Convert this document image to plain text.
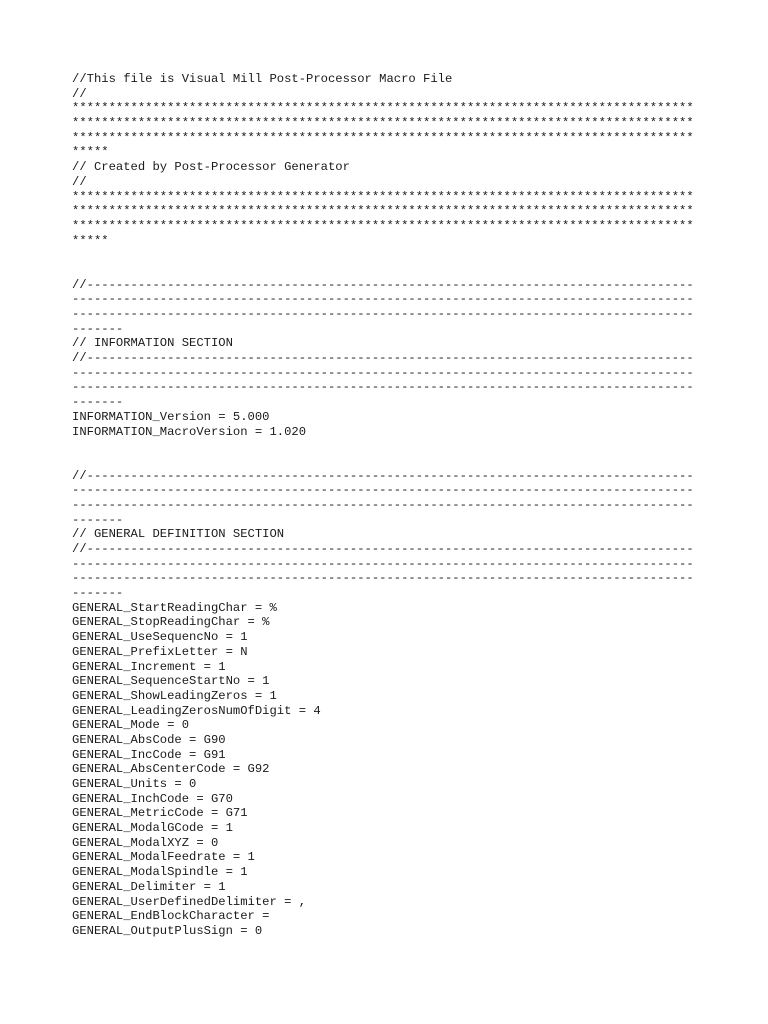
//This file is Visual Mill Post-Processor Macro File
//
*************************************************************************************
*************************************************************************************
*************************************************************************************
*****
// Created by Post-Processor Generator
//
*************************************************************************************
*************************************************************************************
*************************************************************************************
*****
//-----------------------------------------------------------------------------------
-------------------------------------------------------------------------------------
-------------------------------------------------------------------------------------
-------
// INFORMATION SECTION
//-----------------------------------------------------------------------------------
-------------------------------------------------------------------------------------
-------------------------------------------------------------------------------------
-------
INFORMATION_Version = 5.000
INFORMATION_MacroVersion = 1.020
//-----------------------------------------------------------------------------------
-------------------------------------------------------------------------------------
-------------------------------------------------------------------------------------
-------
// GENERAL DEFINITION SECTION
//-----------------------------------------------------------------------------------
-------------------------------------------------------------------------------------
-------------------------------------------------------------------------------------
-------
GENERAL_StartReadingChar = %
GENERAL_StopReadingChar = %
GENERAL_UseSequencNo = 1
GENERAL_PrefixLetter = N
GENERAL_Increment = 1
GENERAL_SequenceStartNo = 1
GENERAL_ShowLeadingZeros = 1
GENERAL_LeadingZerosNumOfDigit = 4
GENERAL_Mode = 0
GENERAL_AbsCode = G90
GENERAL_IncCode = G91
GENERAL_AbsCenterCode = G92
GENERAL_Units = 0
GENERAL_InchCode = G70
GENERAL_MetricCode = G71
GENERAL_ModalGCode = 1
GENERAL_ModalXYZ = 0
GENERAL_ModalFeedrate = 1
GENERAL_ModalSpindle = 1
GENERAL_Delimiter = 1
GENERAL_UserDefinedDelimiter = ,
GENERAL_EndBlockCharacter =
GENERAL_OutputPlusSign = 0
